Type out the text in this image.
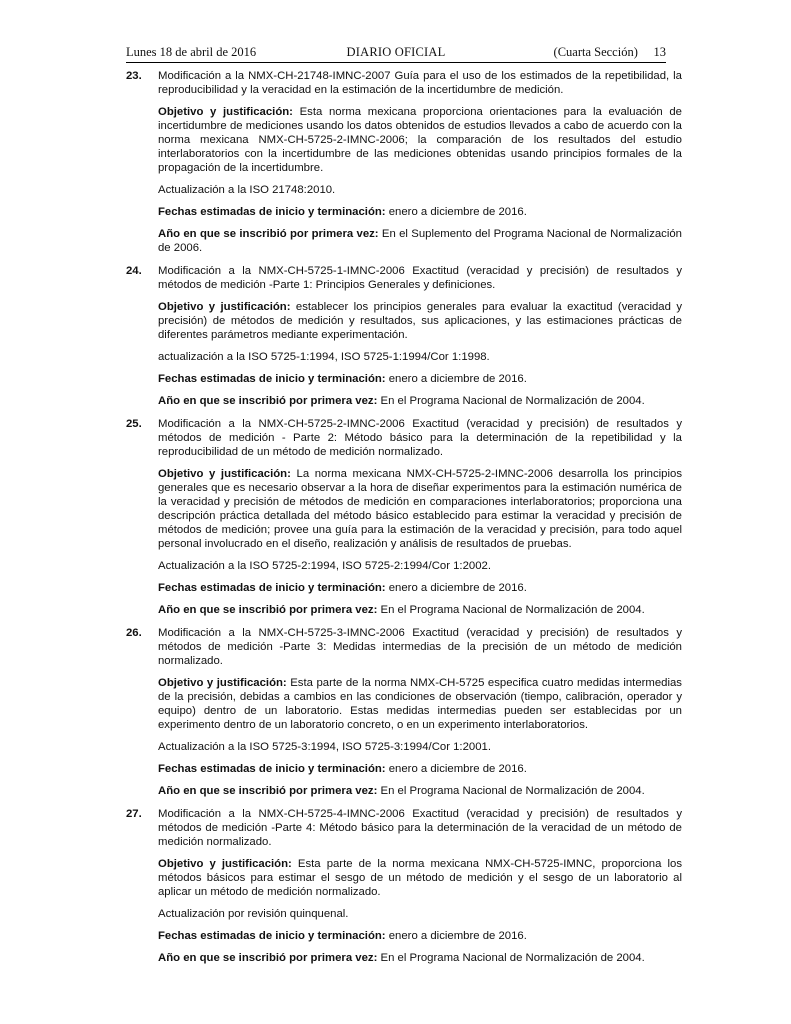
Lunes 18 de abril de 2016	DIARIO OFICIAL	(Cuarta Sección) 13
23. Modificación a la NMX-CH-21748-IMNC-2007 Guía para el uso de los estimados de la repetibilidad, la reproducibilidad y la veracidad en la estimación de la incertidumbre de medición.

Objetivo y justificación: Esta norma mexicana proporciona orientaciones para la evaluación de incertidumbre de mediciones usando los datos obtenidos de estudios llevados a cabo de acuerdo con la norma mexicana NMX-CH-5725-2-IMNC-2006; la comparación de los resultados del estudio interlaboratorios con la incertidumbre de las mediciones obtenidas usando principios formales de la propagación de la incertidumbre.

Actualización a la ISO 21748:2010.

Fechas estimadas de inicio y terminación: enero a diciembre de 2016.

Año en que se inscribió por primera vez: En el Suplemento del Programa Nacional de Normalización de 2006.

24. Modificación a la NMX-CH-5725-1-IMNC-2006 Exactitud (veracidad y precisión) de resultados y métodos de medición -Parte 1: Principios Generales y definiciones.

Objetivo y justificación: establecer los principios generales para evaluar la exactitud (veracidad y precisión) de métodos de medición y resultados, sus aplicaciones, y las estimaciones prácticas de diferentes parámetros mediante experimentación.

actualización a la ISO 5725-1:1994, ISO 5725-1:1994/Cor 1:1998.

Fechas estimadas de inicio y terminación: enero a diciembre de 2016.

Año en que se inscribió por primera vez: En el Programa Nacional de Normalización de 2004.

25. Modificación a la NMX-CH-5725-2-IMNC-2006 Exactitud (veracidad y precisión) de resultados y métodos de medición - Parte 2: Método básico para la determinación de la repetibilidad y la reproducibilidad de un método de medición normalizado.

Objetivo y justificación: La norma mexicana NMX-CH-5725-2-IMNC-2006 desarrolla los principios generales que es necesario observar a la hora de diseñar experimentos para la estimación numérica de la veracidad y precisión de métodos de medición en comparaciones interlaboratorios; proporciona una descripción práctica detallada del método básico establecido para estimar la veracidad y precisión de métodos de medición; provee una guía para la estimación de la veracidad y precisión, para todo aquel personal involucrado en el diseño, realización y análisis de resultados de pruebas.

Actualización a la ISO 5725-2:1994, ISO 5725-2:1994/Cor 1:2002.

Fechas estimadas de inicio y terminación: enero a diciembre de 2016.

Año en que se inscribió por primera vez: En el Programa Nacional de Normalización de 2004.

26. Modificación a la NMX-CH-5725-3-IMNC-2006 Exactitud (veracidad y precisión) de resultados y métodos de medición -Parte 3: Medidas intermedias de la precisión de un método de medición normalizado.

Objetivo y justificación: Esta parte de la norma NMX-CH-5725 especifica cuatro medidas intermedias de la precisión, debidas a cambios en las condiciones de observación (tiempo, calibración, operador y equipo) dentro de un laboratorio. Estas medidas intermedias pueden ser establecidas por un experimento dentro de un laboratorio concreto, o en un experimento interlaboratorios.

Actualización a la ISO 5725-3:1994, ISO 5725-3:1994/Cor 1:2001.

Fechas estimadas de inicio y terminación: enero a diciembre de 2016.

Año en que se inscribió por primera vez: En el Programa Nacional de Normalización de 2004.

27. Modificación a la NMX-CH-5725-4-IMNC-2006 Exactitud (veracidad y precisión) de resultados y métodos de medición -Parte 4: Método básico para la determinación de la veracidad de un método de medición normalizado.

Objetivo y justificación: Esta parte de la norma mexicana NMX-CH-5725-IMNC, proporciona los métodos básicos para estimar el sesgo de un método de medición y el sesgo de un laboratorio al aplicar un método de medición normalizado.

Actualización por revisión quinquenal.

Fechas estimadas de inicio y terminación: enero a diciembre de 2016.

Año en que se inscribió por primera vez: En el Programa Nacional de Normalización de 2004.
